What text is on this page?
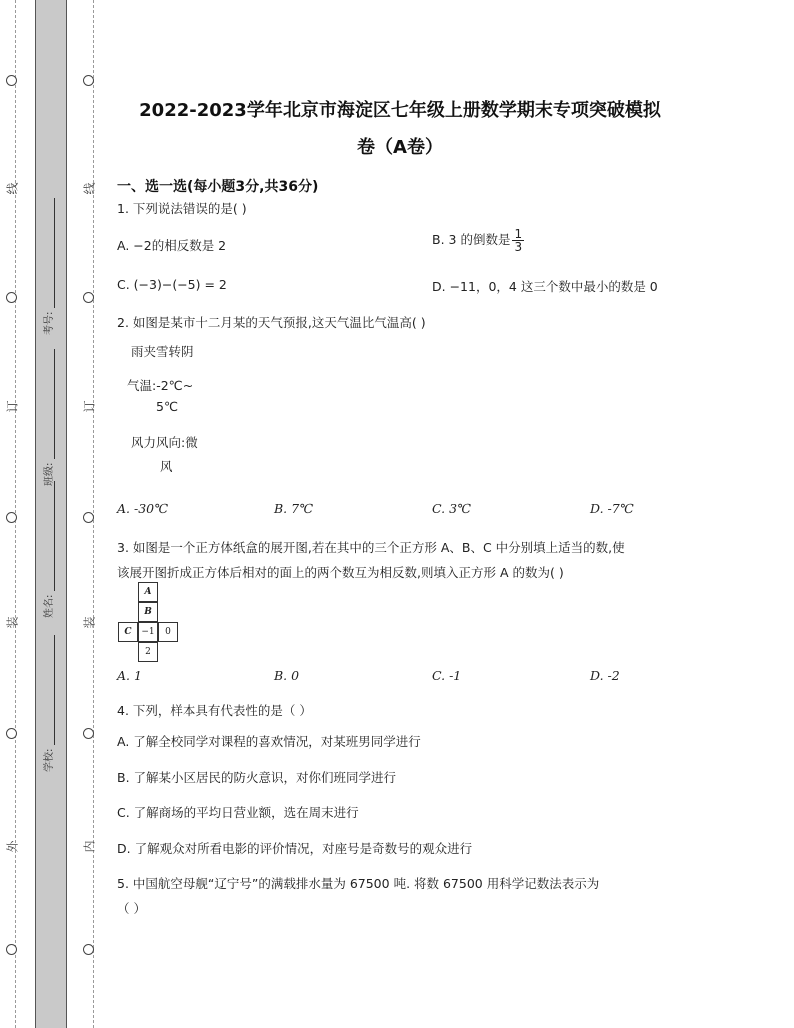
线
订
装
外
线
订
装
内
考号:
班级:
姓名:
学校:
2022-2023学年北京市海淀区七年级上册数学期末专项突破模拟
卷（A卷）
一、选一选(每小题3分,共36分)
1. 下列说法错误的是( )
A. −2的相反数是 2	B. 3 的倒数是 $\frac{1}{3}$
C. (−3)−(−5) = 2	D. −11，0，4 这三个数中最小的数是 0
2. 如图是某市十二月某的天气预报,这天气温比气温高( )
雨夹雪转阴
气温:-2℃~
5℃
风力风向:微
风
A. -30℃	B. 7℃	C. 3℃	D. -7℃
3. 如图是一个正方体纸盒的展开图,若在其中的三个正方形 A、B、C 中分别填上适当的数,使
该展开图折成正方体后相对的面上的两个数互为相反数,则填入正方形 A 的数为( )
A
B
C	−1	0
2
A. 1	B. 0	C. -1	D. -2
4. 下列，样本具有代表性的是（ ）
A. 了解全校同学对课程的喜欢情况，对某班男同学进行
B. 了解某小区居民的防火意识，对你们班同学进行
C. 了解商场的平均日营业额，选在周末进行
D. 了解观众对所看电影的评价情况，对座号是奇数号的观众进行
5. 中国航空母舰“辽宁号”的满载排水量为 67500 吨. 将数 67500 用科学记数法表示为
（ ）
